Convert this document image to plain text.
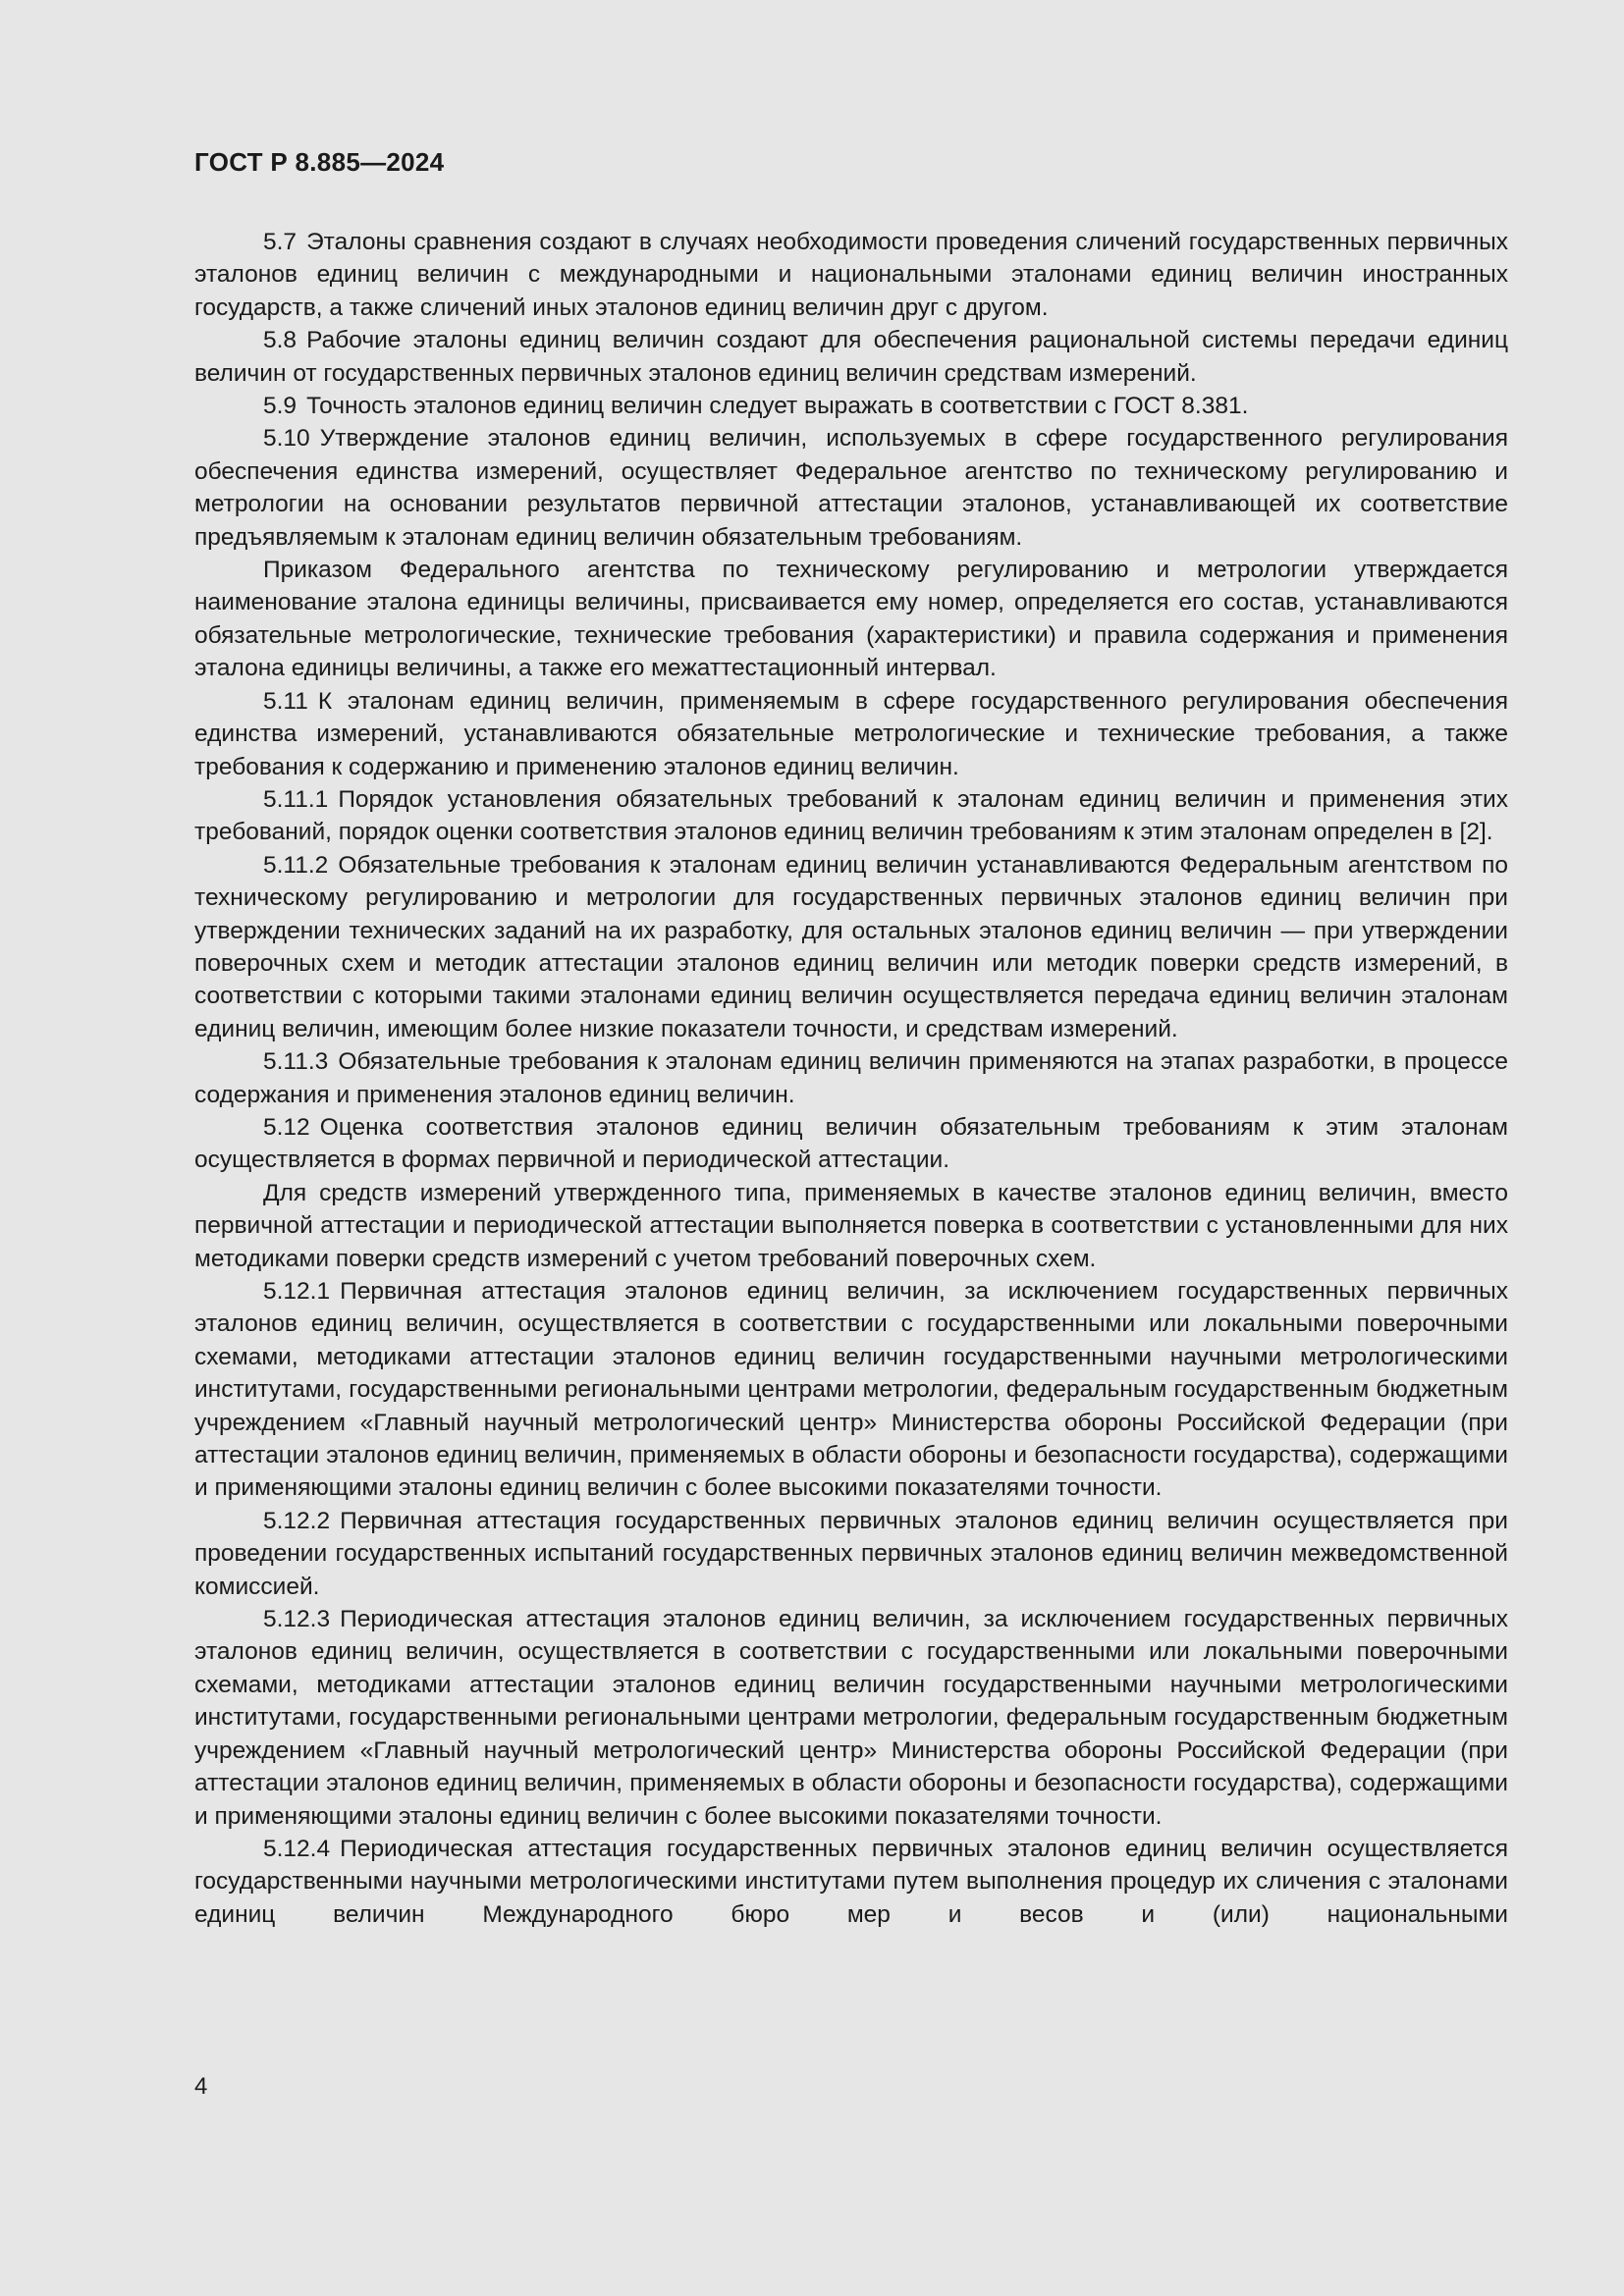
ГОСТ Р 8.885—2024

5.7 Эталоны сравнения создают в случаях необходимости проведения сличений государственных первичных эталонов единиц величин с международными и национальными эталонами единиц величин иностранных государств, а также сличений иных эталонов единиц величин друг с другом.

5.8 Рабочие эталоны единиц величин создают для обеспечения рациональной системы передачи единиц величин от государственных первичных эталонов единиц величин средствам измерений.

5.9 Точность эталонов единиц величин следует выражать в соответствии с ГОСТ 8.381.

5.10 Утверждение эталонов единиц величин, используемых в сфере государственного регулирования обеспечения единства измерений, осуществляет Федеральное агентство по техническому регулированию и метрологии на основании результатов первичной аттестации эталонов, устанавливающей их соответствие предъявляемым к эталонам единиц величин обязательным требованиям.

Приказом Федерального агентства по техническому регулированию и метрологии утверждается наименование эталона единицы величины, присваивается ему номер, определяется его состав, устанавливаются обязательные метрологические, технические требования (характеристики) и правила содержания и применения эталона единицы величины, а также его межаттестационный интервал.

5.11 К эталонам единиц величин, применяемым в сфере государственного регулирования обеспечения единства измерений, устанавливаются обязательные метрологические и технические требования, а также требования к содержанию и применению эталонов единиц величин.

5.11.1 Порядок установления обязательных требований к эталонам единиц величин и применения этих требований, порядок оценки соответствия эталонов единиц величин требованиям к этим эталонам определен в [2].

5.11.2 Обязательные требования к эталонам единиц величин устанавливаются Федеральным агентством по техническому регулированию и метрологии для государственных первичных эталонов единиц величин при утверждении технических заданий на их разработку, для остальных эталонов единиц величин — при утверждении поверочных схем и методик аттестации эталонов единиц величин или методик поверки средств измерений, в соответствии с которыми такими эталонами единиц величин осуществляется передача единиц величин эталонам единиц величин, имеющим более низкие показатели точности, и средствам измерений.

5.11.3 Обязательные требования к эталонам единиц величин применяются на этапах разработки, в процессе содержания и применения эталонов единиц величин.

5.12 Оценка соответствия эталонов единиц величин обязательным требованиям к этим эталонам осуществляется в формах первичной и периодической аттестации.

Для средств измерений утвержденного типа, применяемых в качестве эталонов единиц величин, вместо первичной аттестации и периодической аттестации выполняется поверка в соответствии с установленными для них методиками поверки средств измерений с учетом требований поверочных схем.

5.12.1 Первичная аттестация эталонов единиц величин, за исключением государственных первичных эталонов единиц величин, осуществляется в соответствии с государственными или локальными поверочными схемами, методиками аттестации эталонов единиц величин государственными научными метрологическими институтами, государственными региональными центрами метрологии, федеральным государственным бюджетным учреждением «Главный научный метрологический центр» Министерства обороны Российской Федерации (при аттестации эталонов единиц величин, применяемых в области обороны и безопасности государства), содержащими и применяющими эталоны единиц величин с более высокими показателями точности.

5.12.2 Первичная аттестация государственных первичных эталонов единиц величин осуществляется при проведении государственных испытаний государственных первичных эталонов единиц величин межведомственной комиссией.

5.12.3 Периодическая аттестация эталонов единиц величин, за исключением государственных первичных эталонов единиц величин, осуществляется в соответствии с государственными или локальными поверочными схемами, методиками аттестации эталонов единиц величин государственными научными метрологическими институтами, государственными региональными центрами метрологии, федеральным государственным бюджетным учреждением «Главный научный метрологический центр» Министерства обороны Российской Федерации (при аттестации эталонов единиц величин, применяемых в области обороны и безопасности государства), содержащими и применяющими эталоны единиц величин с более высокими показателями точности.

5.12.4 Периодическая аттестация государственных первичных эталонов единиц величин осуществляется государственными научными метрологическими институтами путем выполнения процедур их сличения с эталонами единиц величин Международного бюро мер и весов и (или) национальными

4
